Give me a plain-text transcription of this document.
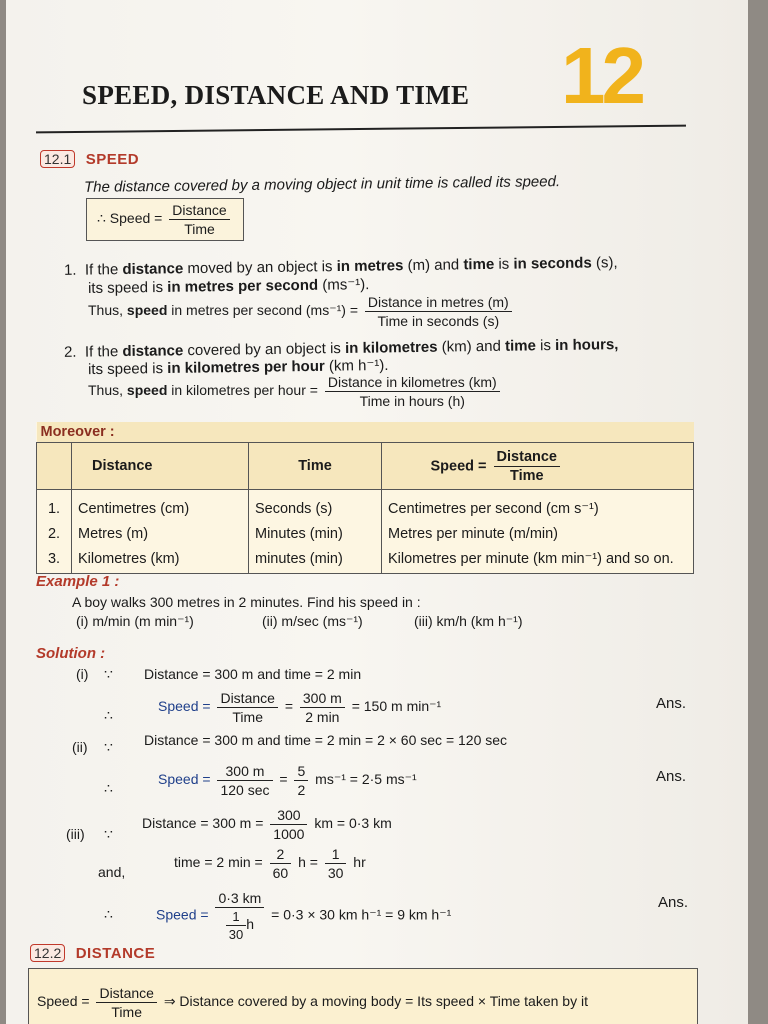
SPEED, DISTANCE AND TIME 12
12.1 SPEED
The distance covered by a moving object in unit time is called its speed.
∴ Speed = $\frac{\text{Distance}}{\text{Time}}$
1. If the distance moved by an object is in metres (m) and time is in seconds (s),
its speed is in metres per second (ms⁻¹).
Thus, speed in metres per second $(ms^{-1}) = \frac{\text{Distance in metres (m)}}{\text{Time in seconds (s)}}$
2. If the distance covered by an object is in kilometres (km) and time is in hours,
its speed is in kilometres per hour (km h⁻¹).
Thus, speed in kilometres per hour = $\frac{\text{Distance in kilometres (km)}}{\text{Time in hours (h)}}$
Moreover :			
	Distance	Time	Speed = $\frac{\text{Distance}}{\text{Time}}$

1.	Centimetres (cm)	Seconds (s)	Centimetres per second (cm s⁻¹)
2.	Metres (m)	Minutes (min)	Metres per minute (m/min)
3.	Kilometres (km)	minutes (min)	Kilometres per minute (km min⁻¹) and so on.
Example 1 :
A boy walks 300 metres in 2 minutes. Find his speed in :
(i) m/min (m min⁻¹)	(ii) m/sec (ms⁻¹)	(iii) km/h (km h⁻¹)
Solution :
(i) ∵ Distance = 300 m and time = 2 min
∴
Speed = $\frac{\text{Distance}}{\text{Time}} = \frac{300 m}{2 \min} = 150$ m min⁻¹	Ans.
(ii) ∵ Distance = 300 m and time = 2 min = 2 × 60 sec = 120 sec
∴
Speed = $\frac{300 m}{120 \sec} = \frac{5}{2} ms^{-1} = 2\cdot 5$ ms⁻¹	Ans.
(iii) ∵
Distance = 300 $m = \frac{300}{1000}$ km = 0·3 km
and,
time = 2 $\min = \frac{2}{60}$ $h = \frac{1}{30}$ hr
∴	Speed = $\frac{0\cdot 3 km}{\frac{1}{30} h} = 0\cdot 3 \times 30$ km h⁻¹ = 9 km h⁻¹
Ans.
12.2 DISTANCE
Speed = $\frac{\text{Distance}}{\text{Time}}$ ⇒ Distance covered by a moving body = Its speed × Time taken by it
